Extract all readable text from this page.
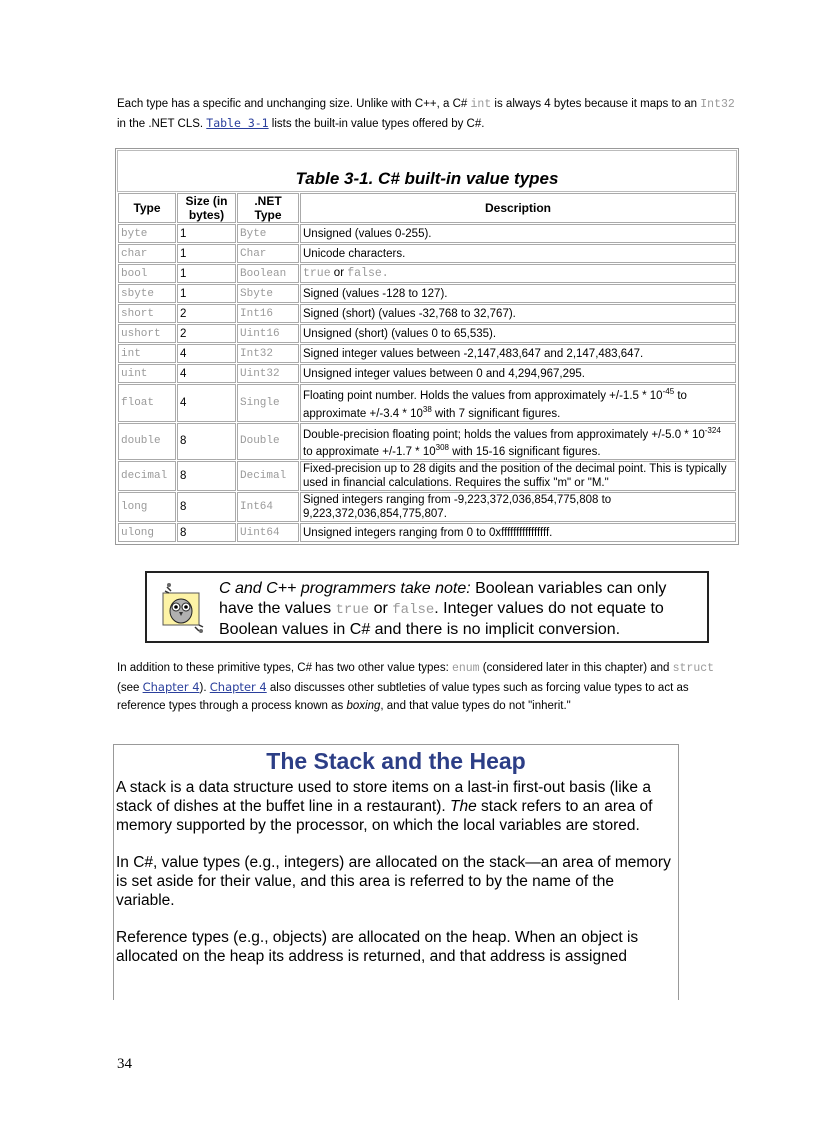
Each type has a specific and unchanging size. Unlike with C++, a C# int is always 4 bytes because it maps to an Int32 in the .NET CLS. Table 3-1 lists the built-in value types offered by C#.
Table 3-1. C# built-in value types
Type	Size (in bytes)	.NET Type	Description
byte	1	Byte	Unsigned (values 0-255).
char	1	Char	Unicode characters.
bool	1	Boolean	true or false.
sbyte	1	Sbyte	Signed (values -128 to 127).
short	2	Int16	Signed (short) (values -32,768 to 32,767).
ushort	2	Uint16	Unsigned (short) (values 0 to 65,535).
int	4	Int32	Signed integer values between -2,147,483,647 and 2,147,483,647.
uint	4	Uint32	Unsigned integer values between 0 and 4,294,967,295.
float	4	Single	Floating point number. Holds the values from approximately $+/-1.5 * 10^{-45}$ to approximate $+/-3.4 * 10^{38}$ with 7 significant figures.
double	8	Double	Double-precision floating point; holds the values from approximately $+/-5.0 * 10^{-324}$ to approximate $+/-1.7 * 10^{308}$ with 15-16 significant figures.
decimal	8	Decimal	Fixed-precision up to 28 digits and the position of the decimal point. This is typically used in financial calculations. Requires the suffix "m" or "M."
long	8	Int64	Signed integers ranging from -9,223,372,036,854,775,808 to 9,223,372,036,854,775,807.
ulong	8	Uint64	Unsigned integers ranging from 0 to 0xffffffffffffffff.
C and C++ programmers take note: Boolean variables can only have the values true or false. Integer values do not equate to Boolean values in C# and there is no implicit conversion.
In addition to these primitive types, C# has two other value types: enum (considered later in this chapter) and struct (see Chapter 4). Chapter 4 also discusses other subtleties of value types such as forcing value types to act as reference types through a process known as boxing, and that value types do not "inherit."
The Stack and the Heap

A stack is a data structure used to store items on a last-in first-out basis (like a stack of dishes at the buffet line in a restaurant). The stack refers to an area of memory supported by the processor, on which the local variables are stored.

In C#, value types (e.g., integers) are allocated on the stack—an area of memory is set aside for their value, and this area is referred to by the name of the variable.

Reference types (e.g., objects) are allocated on the heap. When an object is allocated on the heap its address is returned, and that address is assigned

34
